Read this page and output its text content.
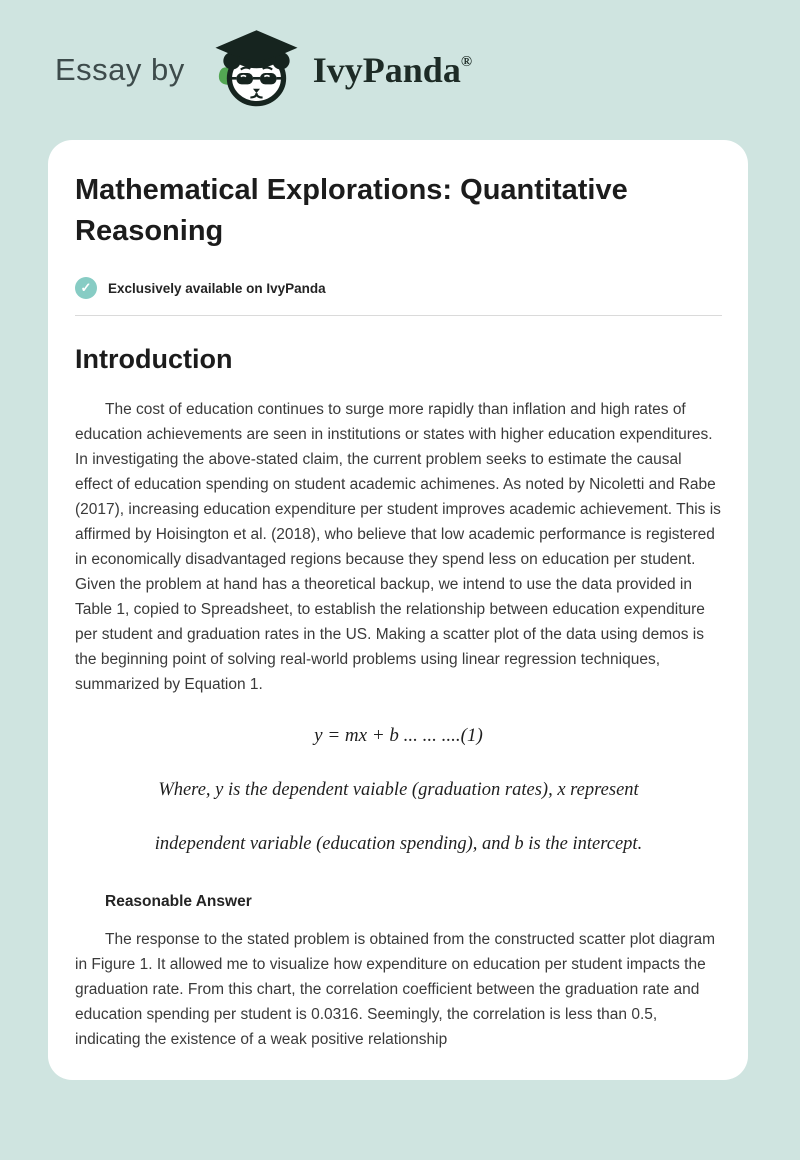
Essay by	IvyPanda®
Mathematical Explorations: Quantitative Reasoning
✓	Exclusively available on IvyPanda
Introduction

The cost of education continues to surge more rapidly than inflation and high rates of education achievements are seen in institutions or states with higher education expenditures. In investigating the above-stated claim, the current problem seeks to estimate the causal effect of education spending on student academic achimenes. As noted by Nicoletti and Rabe (2017), increasing education expenditure per student improves academic achievement. This is affirmed by Hoisington et al. (2018), who believe that low academic performance is registered in economically disadvantaged regions because they spend less on education per student. Given the problem at hand has a theoretical backup, we intend to use the data provided in Table 1, copied to Spreadsheet, to establish the relationship between education expenditure per student and graduation rates in the US. Making a scatter plot of the data using demos is the beginning point of solving real-world problems using linear regression techniques, summarized by Equation 1.

y = mx + b ... ... ....(1)

Where, y is the dependent vaiable (graduation rates), x represent

independent variable (education spending), and b is the intercept.

Reasonable Answer

The response to the stated problem is obtained from the constructed scatter plot diagram in Figure 1. It allowed me to visualize how expenditure on education per student impacts the graduation rate. From this chart, the correlation coefficient between the graduation rate and education spending per student is 0.0316. Seemingly, the correlation is less than 0.5, indicating the existence of a weak positive relationship
